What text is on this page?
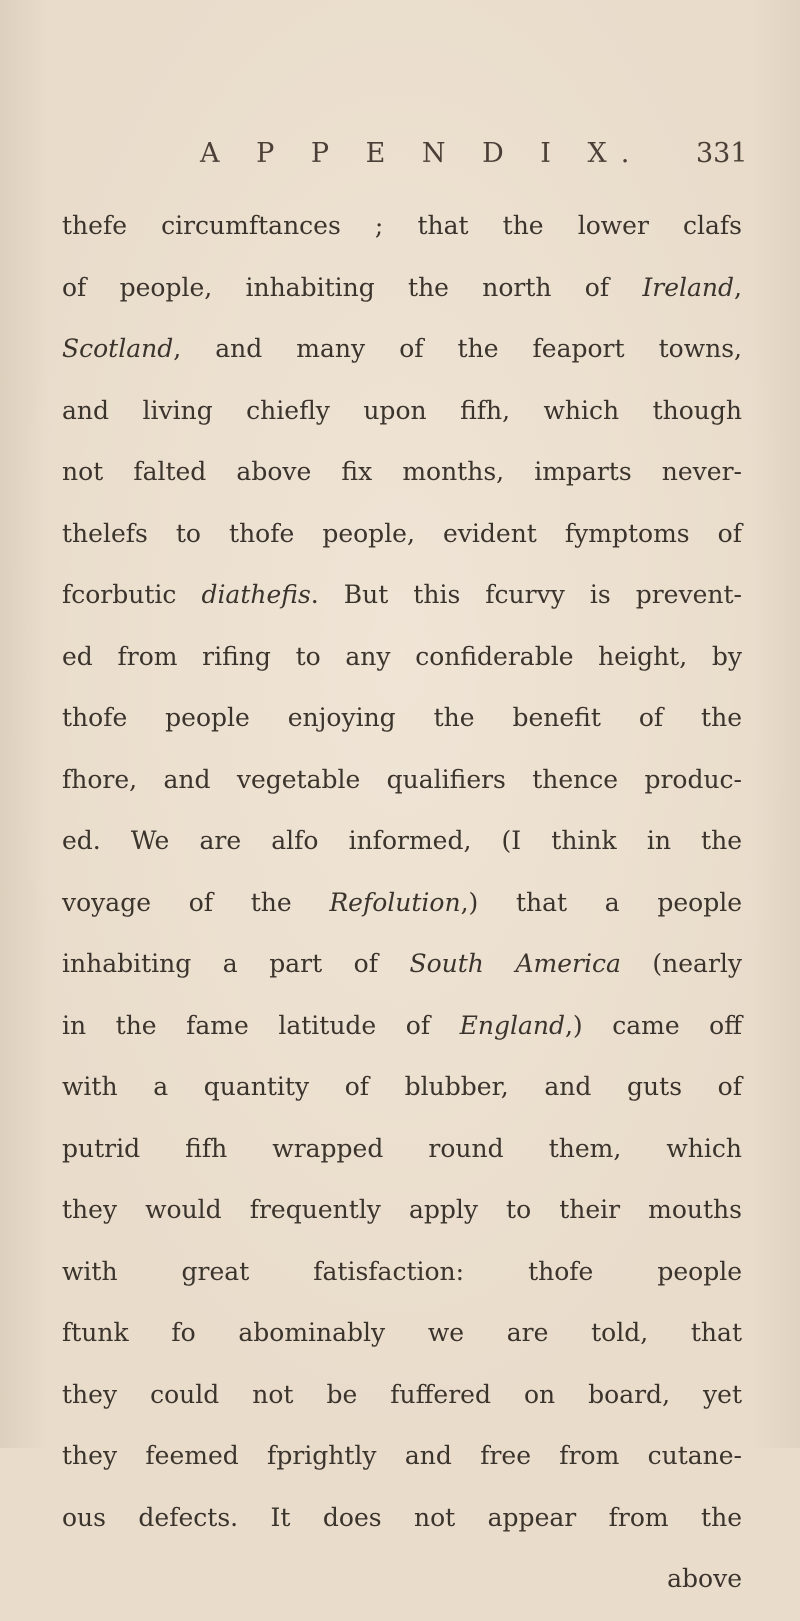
A P P E N D I X. 331
thefe circumftances ; that the lower clafs
of people, inhabiting the north of Ireland,
Scotland, and many of the feaport towns,
and living chiefly upon fifh, which though
not falted above fix months, imparts never-
thelefs to thofe people, evident fymptoms of
fcorbutic diathefis. But this fcurvy is prevent-
ed from rifing to any confiderable height, by
thofe people enjoying the benefit of the
fhore, and vegetable qualifiers thence produc-
ed. We are alfo informed, (I think in the
voyage of the Refolution,) that a people
inhabiting a part of South America (nearly
in the fame latitude of England,) came off
with a quantity of blubber, and guts of
putrid fifh wrapped round them, which
they would frequently apply to their mouths
with great fatisfaction: thofe people
ftunk fo abominably we are told, that
they could not be fuffered on board, yet
they feemed fprightly and free from cutane-
ous defects. It does not appear from the
above
